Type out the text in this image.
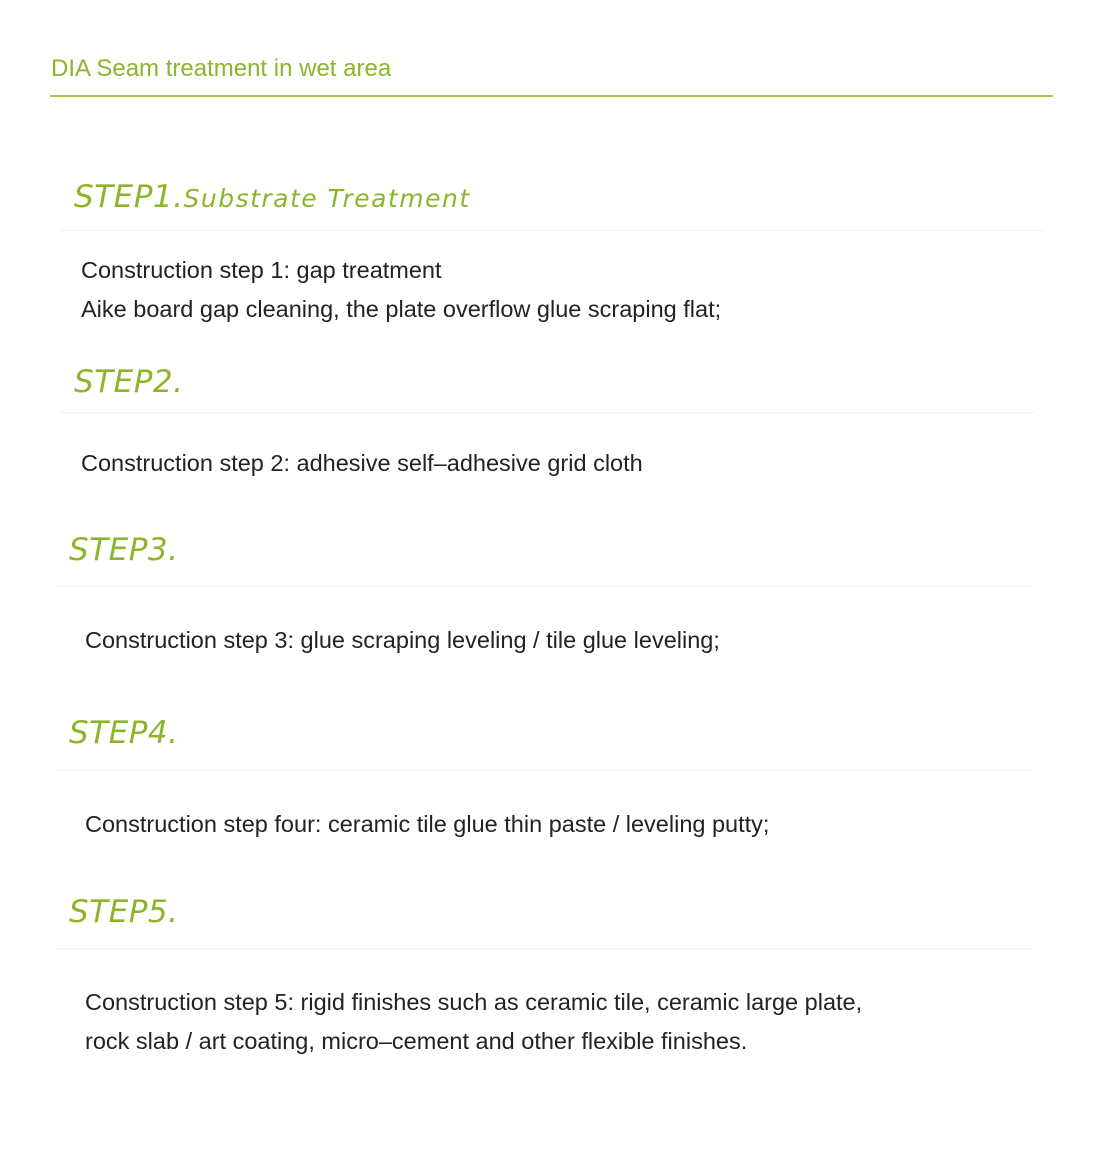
DIA Seam treatment in wet area
STEP1.Substrate Treatment

Construction step 1: gap treatment

Aike board gap cleaning, the plate overflow glue scraping flat;

STEP2.

Construction step 2: adhesive self–adhesive grid cloth

STEP3.

Construction step 3: glue scraping leveling / tile glue leveling;

STEP4.

Construction step four: ceramic tile glue thin paste / leveling putty;

STEP5.

Construction step 5: rigid finishes such as ceramic tile, ceramic large plate,

rock slab / art coating, micro–cement and other flexible finishes.
